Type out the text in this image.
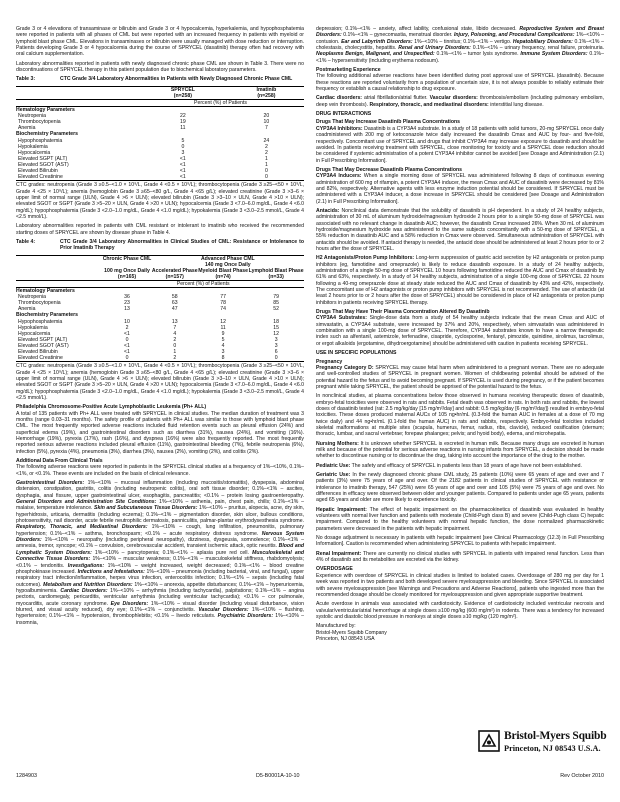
Grade 3 or 4 elevations of transaminase or bilirubin and Grade 3 or 4 hypocalcemia, hyperkalemia, and hypophosphatemia were reported in patients with all phases of CML but were reported with an increased frequency in patients with myeloid or lymphoid blast phase CML. Elevations in transaminases or bilirubin were usually managed with dose reduction or interruption. Patients developing Grade 3 or 4 hypocalcemia during the course of SPRYCEL (dasatinib) therapy often had recovery with oral calcium supplementation.

Laboratory abnormalities reported in patients with newly diagnosed chronic phase CML are shown in Table 3. There were no discontinuations of SPRYCEL therapy in this patient population due to biochemical laboratory parameters.

Table 3:	CTC Grade 3/4 Laboratory Abnormalities in Patients with Newly Diagnosed Chronic Phase CML
	SPRYCEL	Imatinib
	(n=258)	(n=258)
	Percent (%) of Patients	
Hematology Parameters		
Neutropenia	22	20
Thrombocytopenia	19	10
Anemia	11	7
Biochemistry Parameters		
Hypophosphatemia	5	24
Hypokalemia	0	2
Hypocalcemia	3	2
Elevated SGPT (ALT)	<1	1
Elevated SGOT (AST)	<1	1
Elevated Bilirubin	<1	0
Elevated Creatinine	<1	0

CTC grades: neutropenia (Grade 3 ≥0.5–<1.0 × 10⁹/L, Grade 4 <0.5 × 10⁹/L); thrombocytopenia (Grade 3 ≥25–<50 × 10⁹/L, Grade 4 <25 × 10⁹/L); anemia (hemoglobin Grade 3 ≥65–<80 g/L, Grade 4 <65 g/L); elevated creatinine (Grade 3 >3–6 × upper limit of normal range (ULN), Grade 4 >6 × ULN); elevated bilirubin (Grade 3 >3–10 × ULN, Grade 4 >10 × ULN); elevated SGOT or SGPT (Grade 3 >5–20 × ULN, Grade 4 >20 × ULN); hypocalcemia (Grade 3 <7.0–6.0 mg/dL, Grade 4 <6.0 mg/dL); hypophosphatemia (Grade 3 <2.0–1.0 mg/dL, Grade 4 <1.0 mg/dL); hypokalemia (Grade 3 <3.0–2.5 mmol/L, Grade 4 <2.5 mmol/L).

Laboratory abnormalities reported in patients with CML resistant or intolerant to imatinib who received the recommended starting doses of SPRYCEL are shown by disease phase in Table 4.

Table 4:	CTC Grade 3/4 Laboratory Abnormalities in Clinical Studies of CML: Resistance or Intolerance to Prior Imatinib Therapy
	Chronic Phase CML	Advanced Phase CML		
		140 mg Once Daily		
	100 mg Once Daily	Accelerated Phase	Myeloid Blast Phase	Lymphoid Blast Phase
	(n=165)	(n=157)	(n=74)	(n=33)
	Percent (%) of Patients			
Hematology Parameters				
Neutropenia	36	58	77	79
Thrombocytopenia	23	63	78	85
Anemia	13	47	74	52
Biochemistry Parameters				
Hypophosphatemia	10	13	12	18
Hypokalemia	2	7	11	15
Hypocalcemia	<1	4	9	12
Elevated SGPT (ALT)	0	2	5	3
Elevated SGOT (AST)	<1	0	4	3
Elevated Bilirubin	<1	1	3	6
Elevated Creatinine	0	2	8	0

CTC grades: neutropenia (Grade 3 ≥0.5–<1.0 × 10⁹/L, Grade 4 <0.5 × 10⁹/L); thrombocytopenia (Grade 3 ≥25–<50 × 10⁹/L, Grade 4 <25 × 10⁹/L); anemia (hemoglobin Grade 3 ≥65–<80 g/L, Grade 4 <65 g/L); elevated creatinine (Grade 3 >3–6 × upper limit of normal range (ULN), Grade 4 >6 × ULN); elevated bilirubin (Grade 3 >3–10 × ULN, Grade 4 >10 × ULN); elevated SGOT or SGPT (Grade 3 >5–20 × ULN, Grade 4 >20 × ULN); hypocalcemia (Grade 3 <7.0–6.0 mg/dL, Grade 4 <6.0 mg/dL); hypophosphatemia (Grade 3 <2.0–1.0 mg/dL, Grade 4 <1.0 mg/dL); hypokalemia (Grade 3 <3.0–2.5 mmol/L, Grade 4 <2.5 mmol/L).

Philadelphia Chromosome-Positive Acute Lymphoblastic Leukemia (Ph+ ALL)

A total of 135 patients with Ph+ ALL were treated with SPRYCEL in clinical studies. The median duration of treatment was 3 months (range 0.03–31 months). The safety profile of patients with Ph+ ALL was similar to those with lymphoid blast phase CML. The most frequently reported adverse reactions included fluid retention events such as pleural effusion (24%) and superficial edema (19%), and gastrointestinal disorders such as diarrhea (31%), nausea (24%), and vomiting (16%). Hemorrhage (19%), pyrexia (17%), rash (16%), and dyspnea (16%) were also frequently reported. The most frequently reported serious adverse reactions included pleural effusion (11%), gastrointestinal bleeding (7%), febrile neutropenia (6%), infection (5%), pyrexia (4%), pneumonia (3%), diarrhea (3%), nausea (2%), vomiting (2%), and colitis (2%).

Additional Data From Clinical Trials

The following adverse reactions were reported in patients in the SPRYCEL clinical studies at a frequency of 1%–<10%, 0.1%–<1%, or <0.1%. These events are included on the basis of clinical relevance.

Gastrointestinal Disorders: 1%–<10% – mucosal inflammation (including mucositis/stomatitis), dyspepsia, abdominal distension, constipation, gastritis, colitis (including neutropenic colitis), oral soft tissue disorder; 0.1%–<1% – ascites, dysphagia, anal fissure, upper gastrointestinal ulcer, esophagitis, pancreatitis; <0.1% – protein losing gastroenteropathy. General Disorders and Administration Site Conditions: 1%–<10% – asthenia, pain, chest pain, chills; 0.1%–<1% – malaise, temperature intolerance. Skin and Subcutaneous Tissue Disorders: 1%–<10% – pruritus, alopecia, acne, dry skin, hyperhidrosis, urticaria, dermatitis (including eczema); 0.1%–<1% – pigmentation disorder, skin ulcer, bullous conditions, photosensitivity, nail disorder, acute febrile neutrophilic dermatosis, panniculitis, palmar-plantar erythrodysesthesia syndrome. Respiratory, Thoracic, and Mediastinal Disorders: 1%–<10% – cough, lung infiltration, pneumonitis, pulmonary hypertension; 0.1%–<1% – asthma, bronchospasm; <0.1% – acute respiratory distress syndrome. Nervous System Disorders: 1%–<10% – neuropathy (including peripheral neuropathy), dizziness, dysgeusia, somnolence; 0.1%–<1% – amnesia, tremor, syncope; <0.1% – convulsion, cerebrovascular accident, transient ischemic attack, optic neuritis. Blood and Lymphatic System Disorders: 1%–<10% – pancytopenia; 0.1%–<1% – aplasia pure red cell. Musculoskeletal and Connective Tissue Disorders: 1%–<10% – muscular weakness; 0.1%–<1% – musculoskeletal stiffness, rhabdomyolysis; <0.1% – tendonitis. Investigations: 1%–<10% – weight increased, weight decreased; 0.1%–<1% – blood creatine phosphokinase increased. Infections and Infestations: 1%–<10% – pneumonia (including bacterial, viral, and fungal), upper respiratory tract infection/inflammation, herpes virus infection, enterocolitis infection; 0.1%–<1% – sepsis (including fatal outcomes). Metabolism and Nutrition Disorders: 1%–<10% – anorexia, appetite disturbances; 0.1%–<1% – hyperuricemia, hypoalbuminemia. Cardiac Disorders: 1%–<10% – arrhythmia (including tachycardia), palpitations; 0.1%–<1% – angina pectoris, cardiomegaly, pericarditis, ventricular arrhythmia (including ventricular tachycardia); <0.1% – cor pulmonale, myocarditis, acute coronary syndrome. Eye Disorders: 1%–<10% – visual disorder (including visual disturbance, vision blurred, and visual acuity reduced), dry eye; 0.1%–<1% – conjunctivitis. Vascular Disorders: 1%–<10% – flushing, hypertension; 0.1%–<1% – hypotension, thrombophlebitis; <0.1% – livedo reticularis. Psychiatric Disorders: 1%–<10% – insomnia,

depression; 0.1%–<1% – anxiety, affect lability, confusional state, libido decreased. Reproductive System and Breast Disorders: 0.1%–<1% – gynecomastia, menstrual disorder. Injury, Poisoning, and Procedural Complications: 1%–<10% – contusion. Ear and Labyrinth Disorders: 1%–<10% – tinnitus; 0.1%–<1% – vertigo. Hepatobiliary Disorders: 0.1%–<1% – cholestasis, cholecystitis, hepatitis. Renal and Urinary Disorders: 0.1%–<1% – urinary frequency, renal failure, proteinuria. Neoplasms Benign, Malignant, and Unspecified: 0.1%–<1% – tumor lysis syndrome. Immune System Disorders: 0.1%–<1% – hypersensitivity (including erythema nodosum).

Postmarketing Experience

The following additional adverse reactions have been identified during post approval use of SPRYCEL (dasatinib). Because these reactions are reported voluntarily from a population of uncertain size, it is not always possible to reliably estimate their frequency or establish a causal relationship to drug exposure.

Cardiac disorders: atrial fibrillation/atrial flutter. Vascular disorders: thrombosis/embolism (including pulmonary embolism, deep vein thrombosis). Respiratory, thoracic, and mediastinal disorders: interstitial lung disease.

DRUG INTERACTIONS

Drugs That May Increase Dasatinib Plasma Concentrations

CYP3A4 Inhibitors: Dasatinib is a CYP3A4 substrate. In a study of 18 patients with solid tumors, 20-mg SPRYCEL once daily coadministered with 200 mg of ketoconazole twice daily increased the dasatinib Cmax and AUC by four- and five-fold, respectively. Concomitant use of SPRYCEL and drugs that inhibit CYP3A4 may increase exposure to dasatinib and should be avoided. In patients receiving treatment with SPRYCEL, close monitoring for toxicity and a SPRYCEL dose reduction should be considered if systemic administration of a potent CYP3A4 inhibitor cannot be avoided [see Dosage and Administration (2.1) in Full Prescribing Information].

Drugs That May Decrease Dasatinib Plasma Concentrations

CYP3A4 Inducers: When a single morning dose of SPRYCEL was administered following 8 days of continuous evening administration of 600 mg of rifampin, a potent CYP3A4 inducer, the mean Cmax and AUC of dasatinib were decreased by 81% and 82%, respectively. Alternative agents with less enzyme induction potential should be considered. If SPRYCEL must be administered with a CYP3A4 inducer, a dose increase in SPRYCEL should be considered [see Dosage and Administration (2.1) in Full Prescribing Information].

Antacids: Nonclinical data demonstrate that the solubility of dasatinib is pH dependent. In a study of 24 healthy subjects, administration of 30 mL of aluminum hydroxide/magnesium hydroxide 2 hours prior to a single 50-mg dose of SPRYCEL was associated with no relevant change in dasatinib AUC; however, the dasatinib Cmax increased 26%. When 30 mL of aluminum hydroxide/magnesium hydroxide was administered to the same subjects concomitantly with a 50-mg dose of SPRYCEL, a 55% reduction in dasatinib AUC and a 58% reduction in Cmax were observed. Simultaneous administration of SPRYCEL with antacids should be avoided. If antacid therapy is needed, the antacid dose should be administered at least 2 hours prior to or 2 hours after the dose of SPRYCEL.

H2 Antagonists/Proton Pump Inhibitors: Long-term suppression of gastric acid secretion by H2 antagonists or proton pump inhibitors (eg, famotidine and omeprazole) is likely to reduce dasatinib exposure. In a study of 24 healthy subjects, administration of a single 50-mg dose of SPRYCEL 10 hours following famotidine reduced the AUC and Cmax of dasatinib by 61% and 63%, respectively. In a study of 14 healthy subjects, administration of a single 100-mg dose of SPRYCEL 22 hours following a 40-mg omeprazole dose at steady state reduced the AUC and Cmax of dasatinib by 43% and 42%, respectively. The concomitant use of H2 antagonists or proton pump inhibitors with SPRYCEL is not recommended. The use of antacids (at least 2 hours prior to or 2 hours after the dose of SPRYCEL) should be considered in place of H2 antagonists or proton pump inhibitors in patients receiving SPRYCEL therapy.

Drugs That May Have Their Plasma Concentration Altered By Dasatinib

CYP3A4 Substrates: Single-dose data from a study of 54 healthy subjects indicate that the mean Cmax and AUC of simvastatin, a CYP3A4 substrate, were increased by 37% and 20%, respectively, when simvastatin was administered in combination with a single 100-mg dose of SPRYCEL. Therefore, CYP3A4 substrates known to have a narrow therapeutic index such as alfentanil, astemizole, terfenadine, cisapride, cyclosporine, fentanyl, pimozide, quinidine, sirolimus, tacrolimus, or ergot alkaloids (ergotamine, dihydroergotamine) should be administered with caution in patients receiving SPRYCEL.

USE IN SPECIFIC POPULATIONS

Pregnancy

Pregnancy Category D: SPRYCEL may cause fetal harm when administered to a pregnant woman. There are no adequate and well-controlled studies of SPRYCEL in pregnant women. Women of childbearing potential should be advised of the potential hazard to the fetus and to avoid becoming pregnant. If SPRYCEL is used during pregnancy, or if the patient becomes pregnant while taking SPRYCEL, the patient should be apprised of the potential hazard to the fetus.

In nonclinical studies, at plasma concentrations below those observed in humans receiving therapeutic doses of dasatinib, embryo-fetal toxicities were observed in rats and rabbits. Fetal death was observed in rats. In both rats and rabbits, the lowest doses of dasatinib tested (rat: 2.5 mg/kg/day [15 mg/m²/day] and rabbit: 0.5 mg/kg/day [6 mg/m²/day]) resulted in embryo-fetal toxicities. These doses produced maternal AUCs of 105 ng•hr/mL (0.3-fold the human AUC in females at a dose of 70 mg twice daily) and 44 ng•hr/mL (0.1-fold the human AUC) in rats and rabbits, respectively. Embryo-fetal toxicities included skeletal malformations at multiple sites (scapula, humerus, femur, radius, ribs, clavicle), reduced ossification (sternum; thoracic, lumbar, and sacral vertebrae; forepaw phalanges; pelvis; and hyoid body), edema, and microhepatia.

Nursing Mothers: It is unknown whether SPRYCEL is excreted in human milk. Because many drugs are excreted in human milk and because of the potential for serious adverse reactions in nursing infants from SPRYCEL, a decision should be made whether to discontinue nursing or to discontinue the drug, taking into account the importance of the drug to the mother.

Pediatric Use: The safety and efficacy of SPRYCEL in patients less than 18 years of age have not been established.

Geriatric Use: In the newly diagnosed chronic phase CML study, 25 patients (10%) were 65 years of age and over and 7 patients (3%) were 75 years of age and over. Of the 2182 patients in clinical studies of SPRYCEL with resistance or intolerance to imatinib therapy, 547 (25%) were 65 years of age and over and 105 (5%) were 75 years of age and over. No differences in efficacy were observed between older and younger patients. Compared to patients under age 65 years, patients aged 65 years and older are more likely to experience toxicity.

Hepatic Impairment: The effect of hepatic impairment on the pharmacokinetics of dasatinib was evaluated in healthy volunteers with normal liver function and patients with moderate (Child-Pugh class B) and severe (Child-Pugh class C) hepatic impairment. Compared to the healthy volunteers with normal hepatic function, the dose normalized pharmacokinetic parameters were decreased in the patients with hepatic impairment.

No dosage adjustment is necessary in patients with hepatic impairment [see Clinical Pharmacology (12.3) in Full Prescribing Information]. Caution is recommended when administering SPRYCEL to patients with hepatic impairment.

Renal Impairment: There are currently no clinical studies with SPRYCEL in patients with impaired renal function. Less than 4% of dasatinib and its metabolites are excreted via the kidney.

OVERDOSAGE

Experience with overdose of SPRYCEL in clinical studies is limited to isolated cases. Overdosage of 280 mg per day for 1 week was reported in two patients and both developed severe myelosuppression and bleeding. Since SPRYCEL is associated with severe myelosuppression [see Warnings and Precautions and Adverse Reactions], patients who ingested more than the recommended dosage should be closely monitored for myelosuppression and given appropriate supportive treatment.

Acute overdose in animals was associated with cardiotoxicity. Evidence of cardiotoxicity included ventricular necrosis and valvular/ventricular/atrial hemorrhage at single doses ≥100 mg/kg (600 mg/m²) in rodents. There was a tendency for increased systolic and diastolic blood pressure in monkeys at single doses ≥10 mg/kg (120 mg/m²).

Manufactured by:

Bristol-Myers Squibb Company

Princeton, NJ 08543 USA

Bristol-Myers Squibb
Princeton, NJ 08543 U.S.A.
1284903	D5-B0001A-10-10	Rev October 2010
